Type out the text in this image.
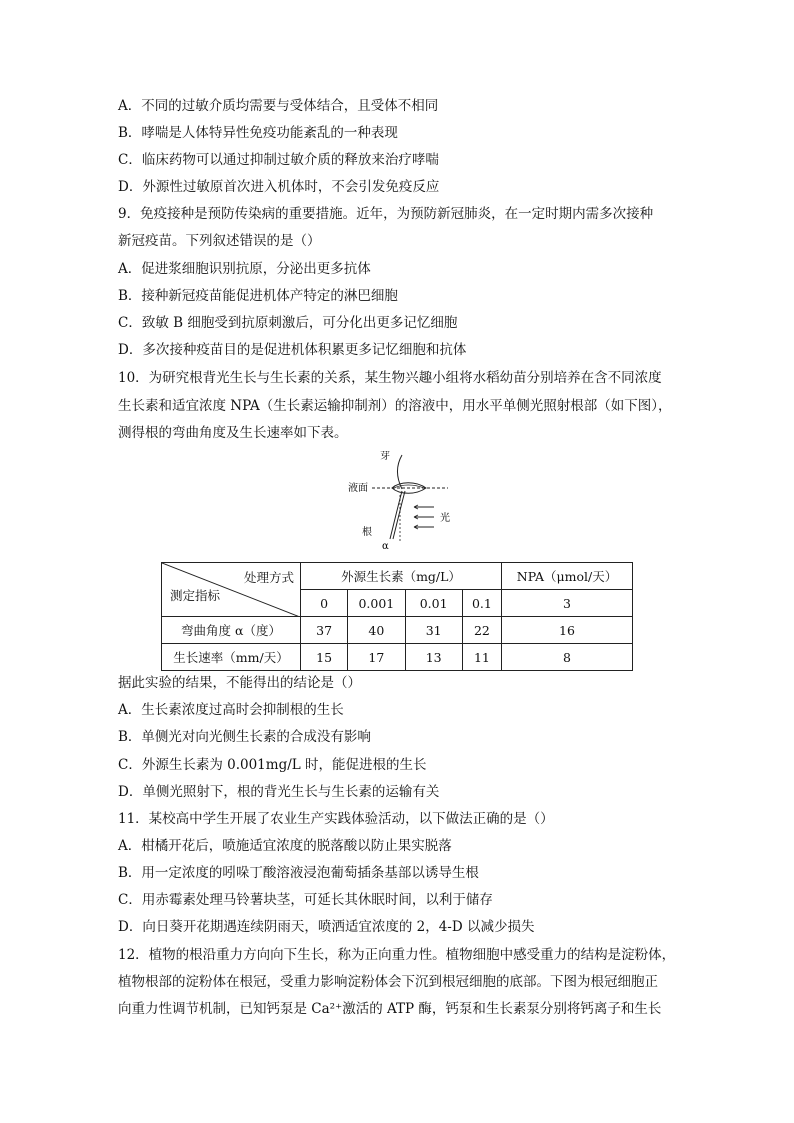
A．不同的过敏介质均需要与受体结合，且受体不相同
B．哮喘是人体特异性免疫功能紊乱的一种表现
C．临床药物可以通过抑制过敏介质的释放来治疗哮喘
D．外源性过敏原首次进入机体时，不会引发免疫反应
9．免疫接种是预防传染病的重要措施。近年，为预防新冠肺炎，在一定时期内需多次接种
新冠疫苗。下列叙述错误的是（）
A．促进浆细胞识别抗原，分泌出更多抗体
B．接种新冠疫苗能促进机体产特定的淋巴细胞
C．致敏 B 细胞受到抗原刺激后，可分化出更多记忆细胞
D．多次接种疫苗目的是促进机体积累更多记忆细胞和抗体
10．为研究根背光生长与生长素的关系，某生物兴趣小组将水稻幼苗分别培养在含不同浓度
生长素和适宜浓度 NPA（生长素运输抑制剂）的溶液中，用水平单侧光照射根部（如下图），
测得根的弯曲角度及生长速率如下表。
芽
液面
根
光
α
处理方式
测定指标	外源生长素（mg/L）				NPA（μmol/天）
	0	0.001	0.01	0.1	3
弯曲角度 α（度）	37	40	31	22	16
生长速率（mm/天）	15	17	13	11	8
据此实验的结果，不能得出的结论是（）
A．生长素浓度过高时会抑制根的生长
B．单侧光对向光侧生长素的合成没有影响
C．外源生长素为 0.001mg/L 时，能促进根的生长
D．单侧光照射下，根的背光生长与生长素的运输有关
11．某校高中学生开展了农业生产实践体验活动，以下做法正确的是（）
A．柑橘开花后，喷施适宜浓度的脱落酸以防止果实脱落
B．用一定浓度的吲哚丁酸溶液浸泡葡萄插条基部以诱导生根
C．用赤霉素处理马铃薯块茎，可延长其休眠时间，以利于储存
D．向日葵开花期遇连续阴雨天，喷洒适宜浓度的 2，4-D 以减少损失
12．植物的根沿重力方向向下生长，称为正向重力性。植物细胞中感受重力的结构是淀粉体，
植物根部的淀粉体在根冠，受重力影响淀粉体会下沉到根冠细胞的底部。下图为根冠细胞正
向重力性调节机制，已知钙泵是 Ca²⁺激活的 ATP 酶，钙泵和生长素泵分别将钙离子和生长
